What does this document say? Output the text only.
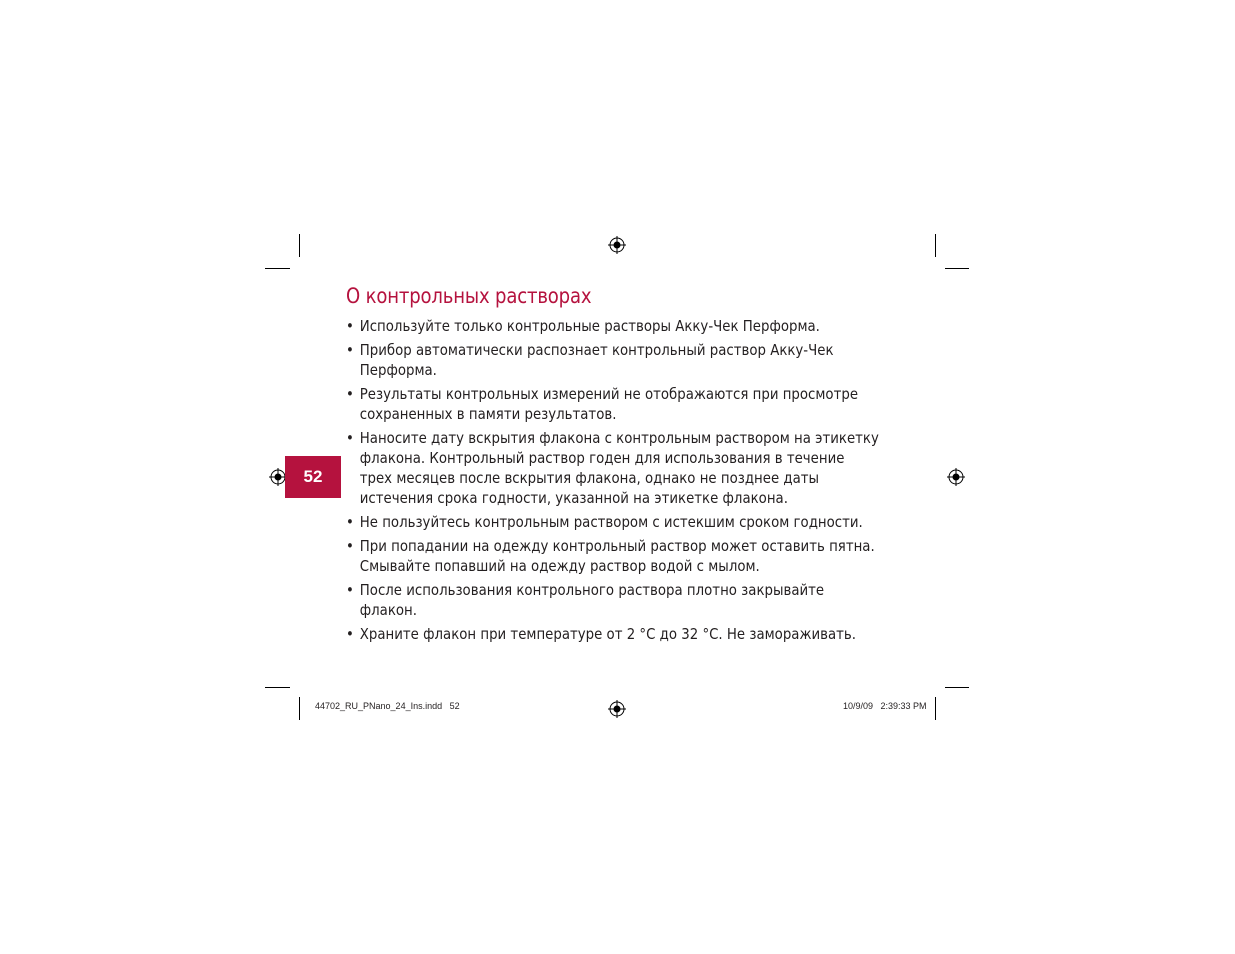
О контрольных растворах
• Используйте только контрольные растворы Акку-Чек Перформа.
• Прибор автоматически распознает контрольный раствор Акку-Чек Перформа.
• Результаты контрольных измерений не отображаются при просмотре сохраненных в памяти результатов.
• Наносите дату вскрытия флакона с контрольным раствором на этикетку флакона. Контрольный раствор годен для использования в течение трех месяцев после вскрытия флакона, однако не позднее даты истечения срока годности, указанной на этикетке флакона.
• Не пользуйтесь контрольным раствором с истекшим сроком годности.
• При попадании на одежду контрольный раствор может оставить пятна. Смывайте попавший на одежду раствор водой с мылом.
• После использования контрольного раствора плотно закрывайте флакон.
• Храните флакон при температуре от 2 °C до 32 °C. Не замораживать.
52
44702_RU_PNano_24_Ins.indd   52	10/9/09   2:39:33 PM
